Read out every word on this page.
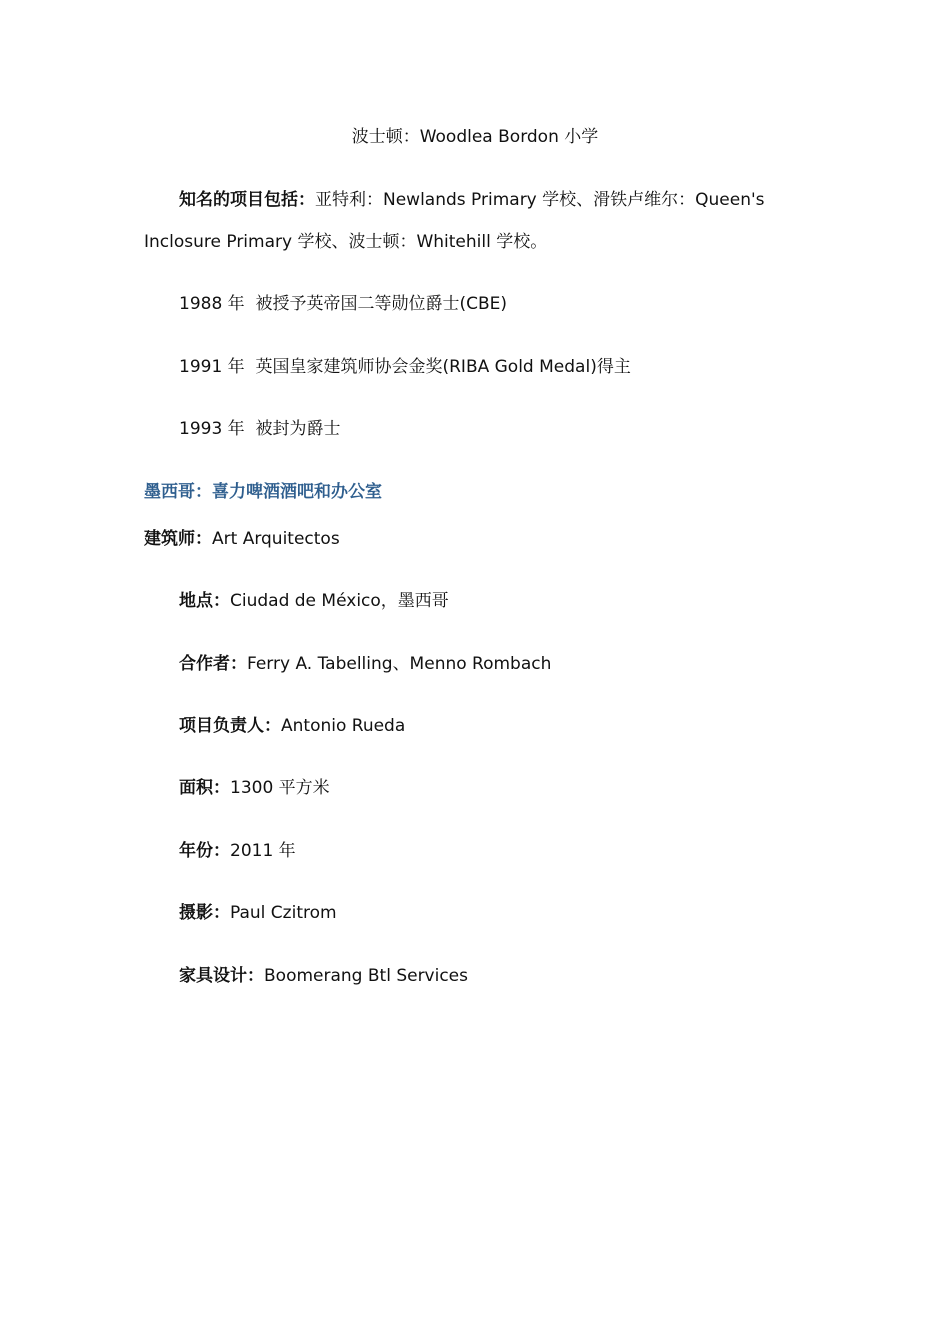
波士顿：Woodlea Bordon 小学
知名的项目包括：亚特利：Newlands Primary 学校、滑铁卢维尔：Queen's
Inclosure Primary 学校、波士顿：Whitehill 学校。
1988 年 被授予英帝国二等勋位爵士(CBE)
1991 年 英国皇家建筑师协会金奖(RIBA Gold Medal)得主
1993 年 被封为爵士
墨西哥：喜力啤酒酒吧和办公室
建筑师：Art Arquitectos
地点：Ciudad de México，墨西哥
合作者：Ferry A. Tabelling、Menno Rombach
项目负责人：Antonio Rueda
面积：1300 平方米
年份：2011 年
摄影：Paul Czitrom
家具设计：Boomerang Btl Services
